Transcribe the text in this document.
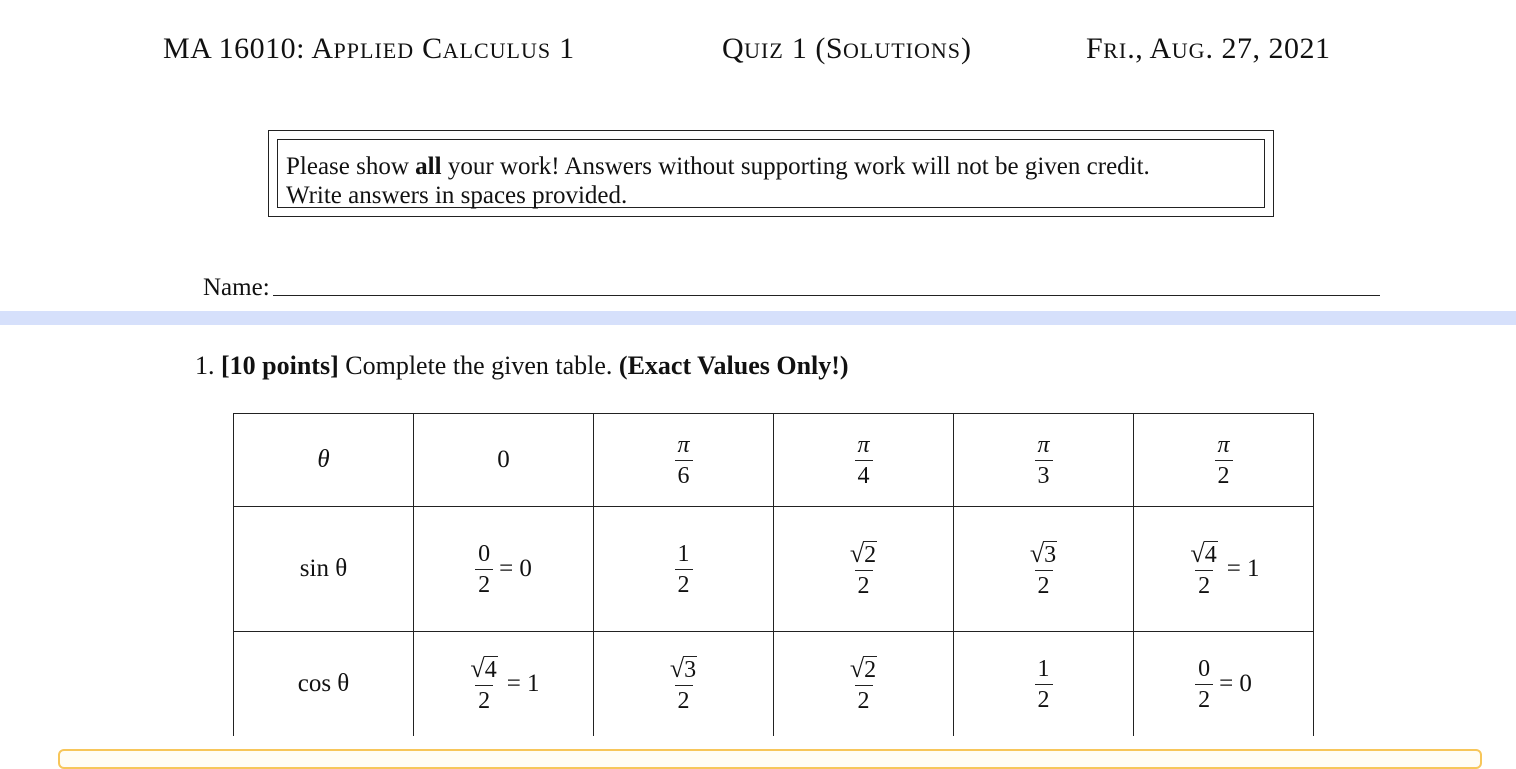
MA 16010: APPLIED CALCULUS 1	QUIZ 1 (SOLUTIONS)	FRI., AUG. 27, 2021
Please show all your work! Answers without supporting work will not be given credit.
Write answers in spaces provided.
Name:
1. [10 points] Complete the given table. (Exact Values Only!)
θ	0	$\frac{\pi}{6}$	$\frac{\pi}{4}$	$\frac{\pi}{3}$	$\frac{\pi}{2}$

sin θ	$\frac{0}{2} = 0$	$\frac{1}{2}$	$\frac{√ 2}{2}$	$\frac{√ 3}{2}$	$\frac{√ 4}{2} = 1$
cos θ	$\frac{√ 4}{2} = 1$	$\frac{√ 3}{2}$	$\frac{√ 2}{2}$	$\frac{1}{2}$	$\frac{0}{2} = 0$
